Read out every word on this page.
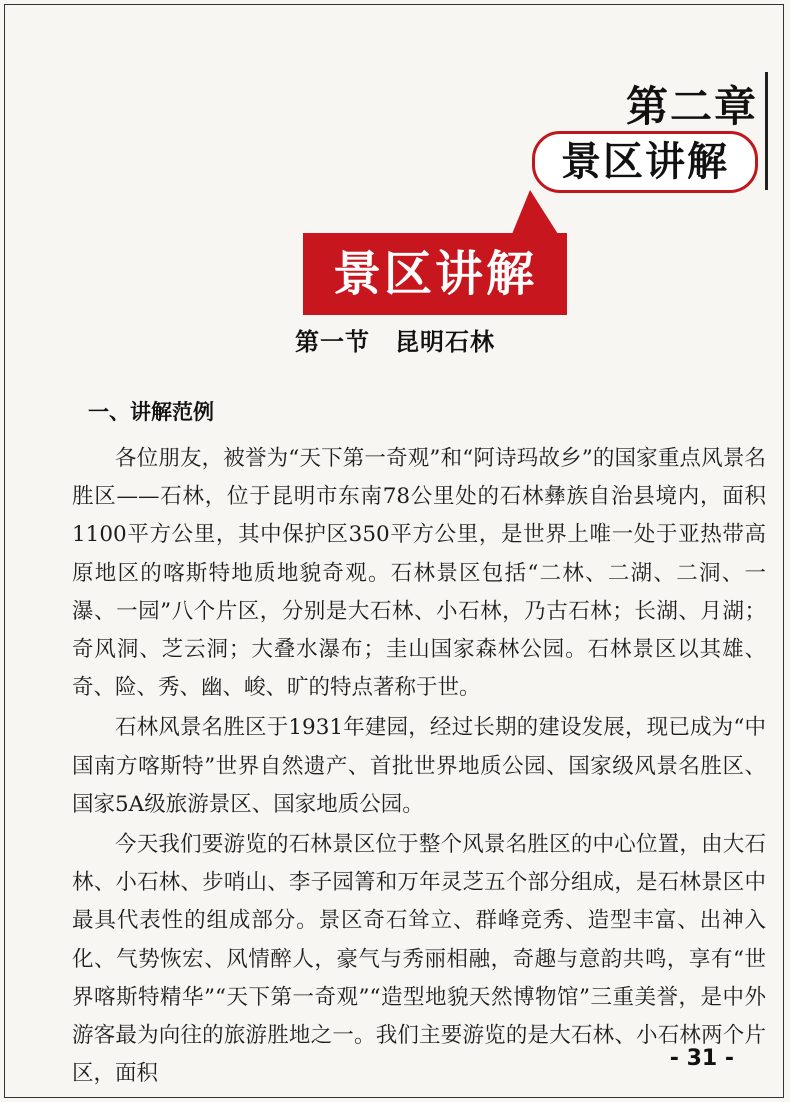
第二章
景区讲解
景区讲解
第一节　昆明石林
一、讲解范例

各位朋友，被誉为“天下第一奇观”和“阿诗玛故乡”的国家重点风景名胜区——石林，位于昆明市东南78公里处的石林彝族自治县境内，面积1100平方公里，其中保护区350平方公里，是世界上唯一处于亚热带高原地区的喀斯特地质地貌奇观。石林景区包括“二林、二湖、二洞、一瀑、一园”八个片区，分别是大石林、小石林，乃古石林；长湖、月湖；奇风洞、芝云洞；大叠水瀑布；圭山国家森林公园。石林景区以其雄、奇、险、秀、幽、峻、旷的特点著称于世。

石林风景名胜区于1931年建园，经过长期的建设发展，现已成为“中国南方喀斯特”世界自然遗产、首批世界地质公园、国家级风景名胜区、国家5A级旅游景区、国家地质公园。

今天我们要游览的石林景区位于整个风景名胜区的中心位置，由大石林、小石林、步哨山、李子园箐和万年灵芝五个部分组成，是石林景区中最具代表性的组成部分。景区奇石耸立、群峰竞秀、造型丰富、出神入化、气势恢宏、风情醉人，豪气与秀丽相融，奇趣与意韵共鸣，享有“世界喀斯特精华”“天下第一奇观”“造型地貌天然博物馆”三重美誉，是中外游客最为向往的旅游胜地之一。我们主要游览的是大石林、小石林两个片区，面积

- 31 -
